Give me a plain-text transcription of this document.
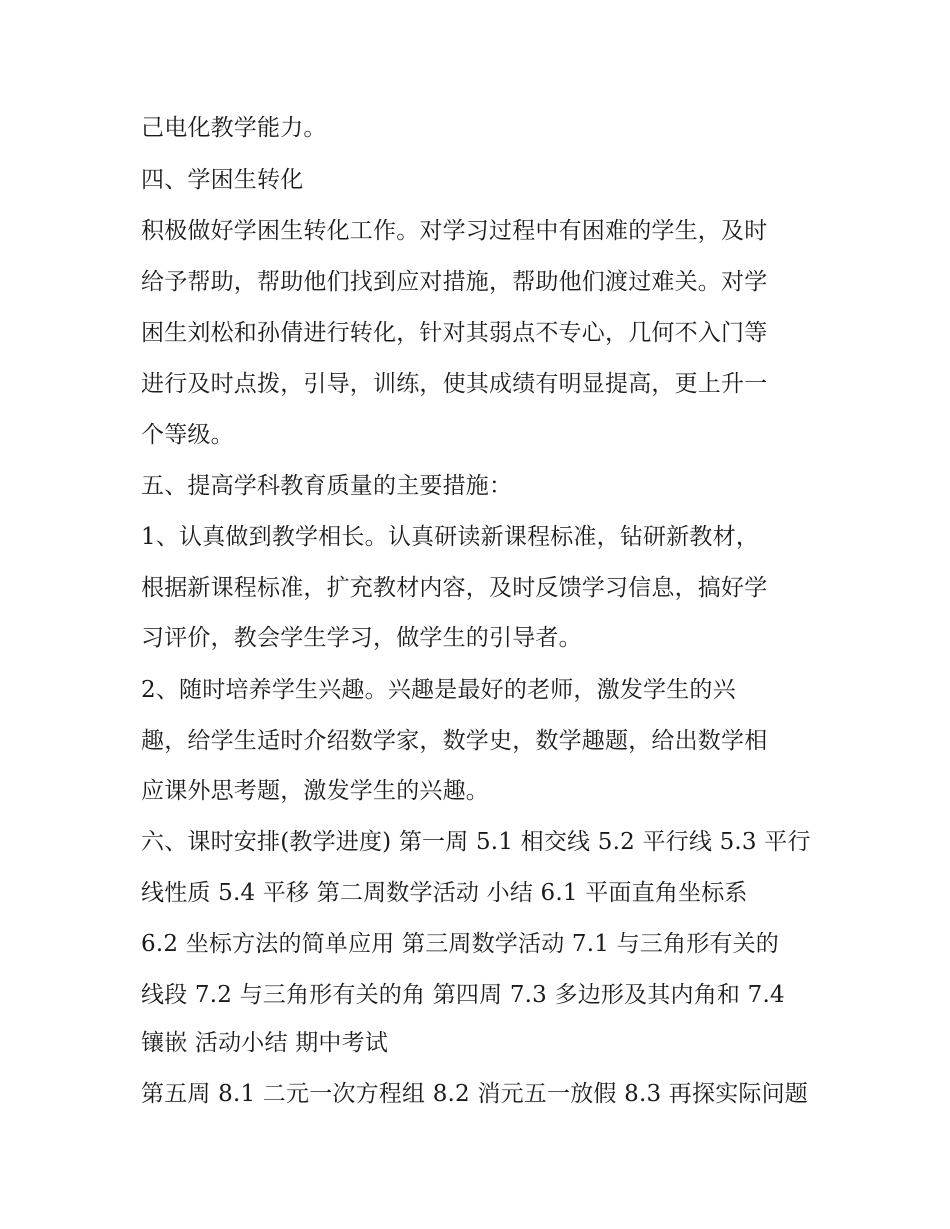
己电化教学能力。
四、学困生转化
积极做好学困生转化工作。对学习过程中有困难的学生，及时
给予帮助，帮助他们找到应对措施，帮助他们渡过难关。对学
困生刘松和孙倩进行转化，针对其弱点不专心，几何不入门等
进行及时点拨，引导，训练，使其成绩有明显提高，更上升一
个等级。
五、提高学科教育质量的主要措施：
1、认真做到教学相长。认真研读新课程标准，钻研新教材，
根据新课程标准，扩充教材内容，及时反馈学习信息，搞好学
习评价，教会学生学习，做学生的引导者。
2、随时培养学生兴趣。兴趣是最好的老师，激发学生的兴
趣，给学生适时介绍数学家，数学史，数学趣题，给出数学相
应课外思考题，激发学生的兴趣。
六、课时安排(教学进度) 第一周 5.1 相交线 5.2 平行线 5.3 平行
线性质 5.4 平移 第二周数学活动 小结 6.1 平面直角坐标系
6.2 坐标方法的简单应用 第三周数学活动 7.1 与三角形有关的
线段 7.2 与三角形有关的角 第四周 7.3 多边形及其内角和 7.4
镶嵌 活动小结 期中考试
第五周 8.1 二元一次方程组 8.2 消元五一放假 8.3 再探实际问题
